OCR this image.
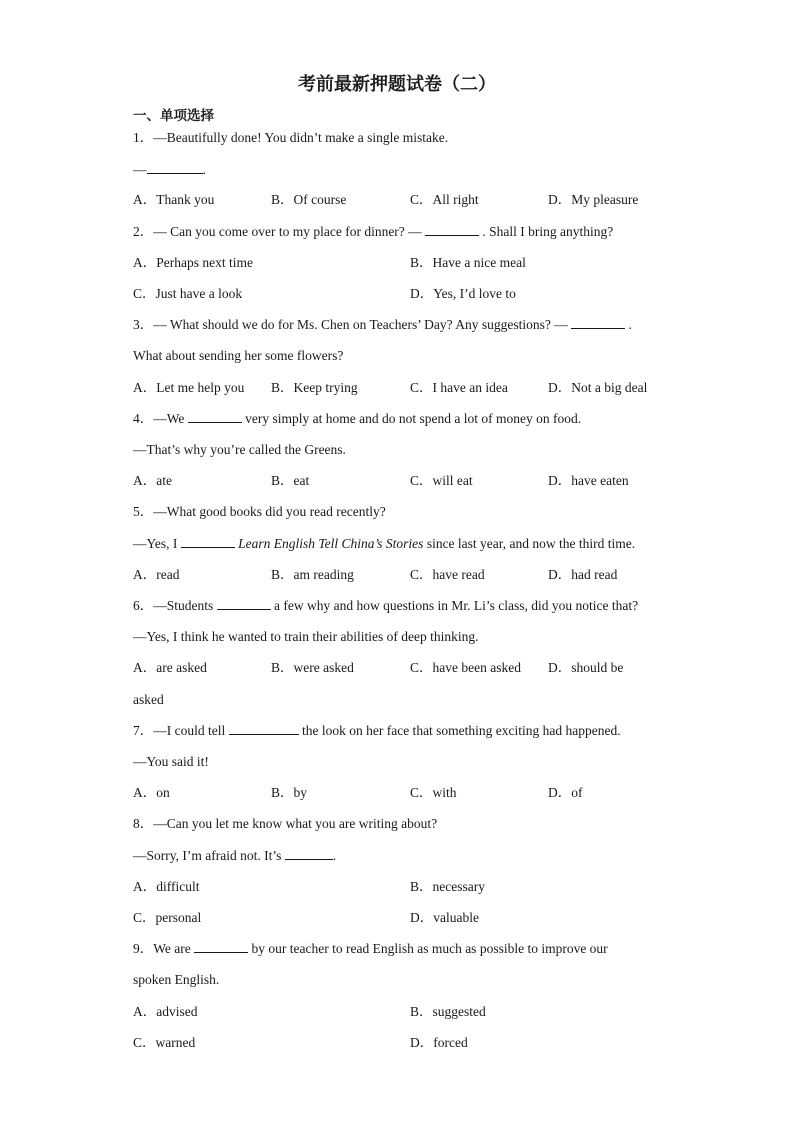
考前最新押题试卷（二）
一、单项选择
1．—Beautifully done! You didn’t make a single mistake.
—	.
A．Thank you	B．Of course	C．All right	D．My pleasure
2．— Can you come over to my place for dinner? —	. Shall I bring anything?
A．Perhaps next time	B．Have a nice meal
C．Just have a look	D．Yes, I’d love to
3．— What should we do for Ms. Chen on Teachers’ Day? Any suggestions? —	.
What about sending her some flowers?
A．Let me help you B．Keep trying	C．I have an idea	D．Not a big deal
4．—We	very simply at home and do not spend a lot of money on food.
—That’s why you’re called the Greens.
A．ate	B．eat	C．will eat	D．have eaten
5．—What good books did you read recently?
—Yes, I	Learn English Tell China’s Stories since last year, and now the third time.
A．read	B．am reading	C．have read	D．had read
6．—Students	a few why and how questions in Mr. Li’s class, did you notice that?
—Yes, I think he wanted to train their abilities of deep thinking.
A．are asked	B．were asked	C．have been asked D．should be
asked
7．—I could tell	the look on her face that something exciting had happened.
—You said it!
A．on	B．by	C．with	D．of
8．—Can you let me know what you are writing about?
—Sorry, I’m afraid not. It’s	.
A．difficult	B．necessary
C．personal	D．valuable
9．We are	by our teacher to read English as much as possible to improve our
spoken English.
A．advised	B．suggested
C．warned	D．forced
